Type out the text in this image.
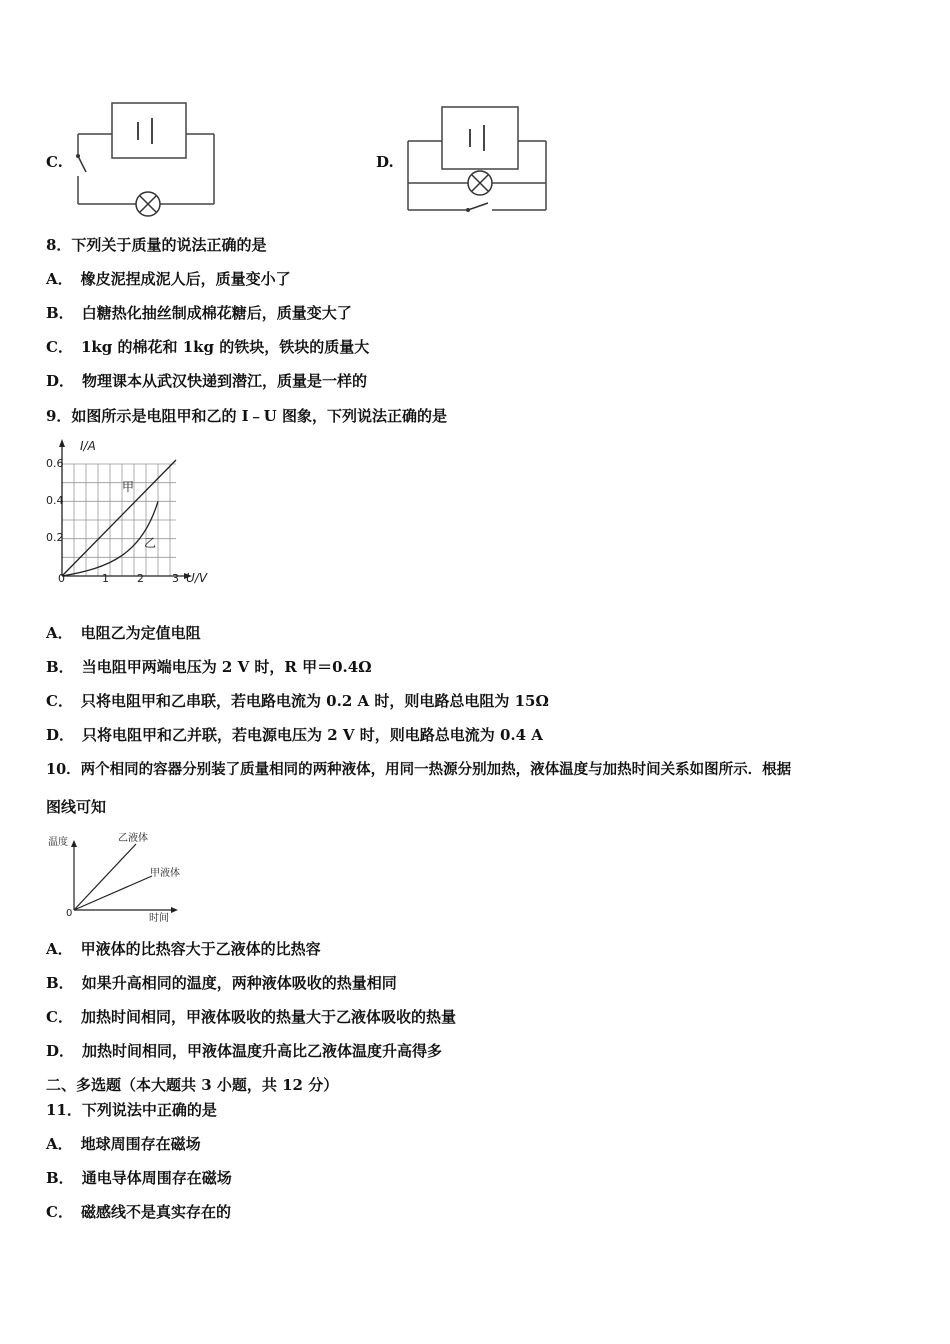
C.	D.
8．下列关于质量的说法正确的是
A． 橡皮泥捏成泥人后，质量变小了
B． 白糖热化抽丝制成棉花糖后，质量变大了
C． 1kg 的棉花和 1kg 的铁块，铁块的质量大
D． 物理课本从武汉快递到潜江，质量是一样的
9．如图所示是电阻甲和乙的 I﹣U 图象，下列说法正确的是
I/A
0.6
0.4
0.2
0	1	2	3 U/V
甲
乙
A． 电阻乙为定值电阻
B． 当电阻甲两端电压为 2 V 时，R 甲＝0.4Ω
C． 只将电阻甲和乙串联，若电路电流为 0.2 A 时，则电路总电阻为 15Ω
D． 只将电阻甲和乙并联，若电源电压为 2 V 时，则电路总电流为 0.4 A
10．两个相同的容器分别装了质量相同的两种液体，用同一热源分别加热，液体温度与加热时间关系如图所示．根据
图线可知
温度
0	时间
乙液体
甲液体
A． 甲液体的比热容大于乙液体的比热容
B． 如果升高相同的温度，两种液体吸收的热量相同
C． 加热时间相同，甲液体吸收的热量大于乙液体吸收的热量
D． 加热时间相同，甲液体温度升高比乙液体温度升高得多
二、多选题（本大题共 3 小题，共 12 分）
11．下列说法中正确的是
A． 地球周围存在磁场
B． 通电导体周围存在磁场
C． 磁感线不是真实存在的
